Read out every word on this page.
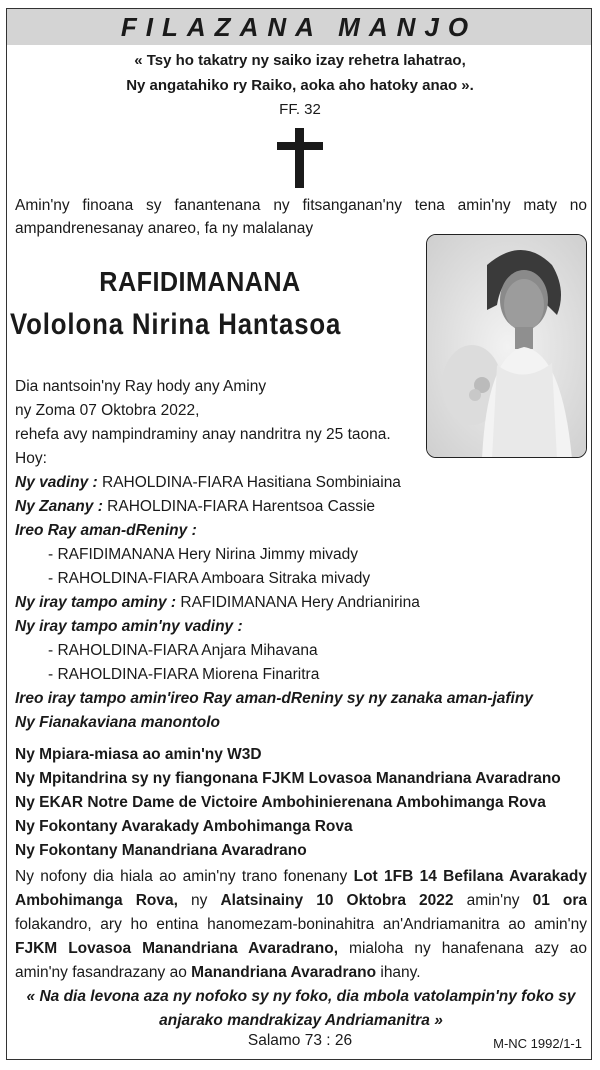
FILAZANA MANJO
« Tsy ho takatry ny saiko izay rehetra lahatrao,
Ny angatahiko ry Raiko, aoka aho hatoky anao ».
FF. 32
Amin'ny finoana sy fanantenana ny fitsanganan'ny tena amin'ny maty no ampandrenesanay anareo, fa ny malalanay
RAFIDIMANANA
Vololona Nirina Hantasoa
Dia nantsoin'ny Ray hody any Aminy
ny Zoma 07 Oktobra 2022,
rehefa avy nampindraminy anay nandritra ny 25 taona.
Hoy:
Ny vadiny : RAHOLDINA-FIARA Hasitiana Sombiniaina
Ny Zanany : RAHOLDINA-FIARA Harentsoa Cassie
Ireo Ray aman-dReniny :
- RAFIDIMANANA Hery Nirina Jimmy mivady
- RAHOLDINA-FIARA Amboara Sitraka mivady
Ny iray tampo aminy : RAFIDIMANANA Hery Andrianirina
Ny iray tampo amin'ny vadiny :
- RAHOLDINA-FIARA Anjara Mihavana
- RAHOLDINA-FIARA Miorena Finaritra
Ireo iray tampo amin'ireo Ray aman-dReniny sy ny zanaka aman-jafiny
Ny Fianakaviana manontolo
Ny Mpiara-miasa ao amin'ny W3D
Ny Mpitandrina sy ny fiangonana FJKM Lovasoa Manandriana Avaradrano
Ny EKAR Notre Dame de Victoire Ambohinierenana Ambohimanga Rova
Ny Fokontany Avarakady Ambohimanga Rova
Ny Fokontany Manandriana Avaradrano
Ny nofony dia hiala ao amin'ny trano fonenany Lot 1FB 14 Befilana Avarakady Ambohimanga Rova, ny Alatsinainy 10 Oktobra 2022 amin'ny 01 ora folakandro, ary ho entina hanomezam-boninahitra an'Andriamanitra ao amin'ny FJKM Lovasoa Manandriana Avaradrano, mialoha ny hanafenana azy ao amin'ny fasandrazany ao Manandriana Avaradrano ihany.
« Na dia levona aza ny nofoko sy ny foko, dia mbola vatolampin'ny foko sy anjarako mandrakizay Andriamanitra »
Salamo 73 : 26	M-NC 1992/1-1
